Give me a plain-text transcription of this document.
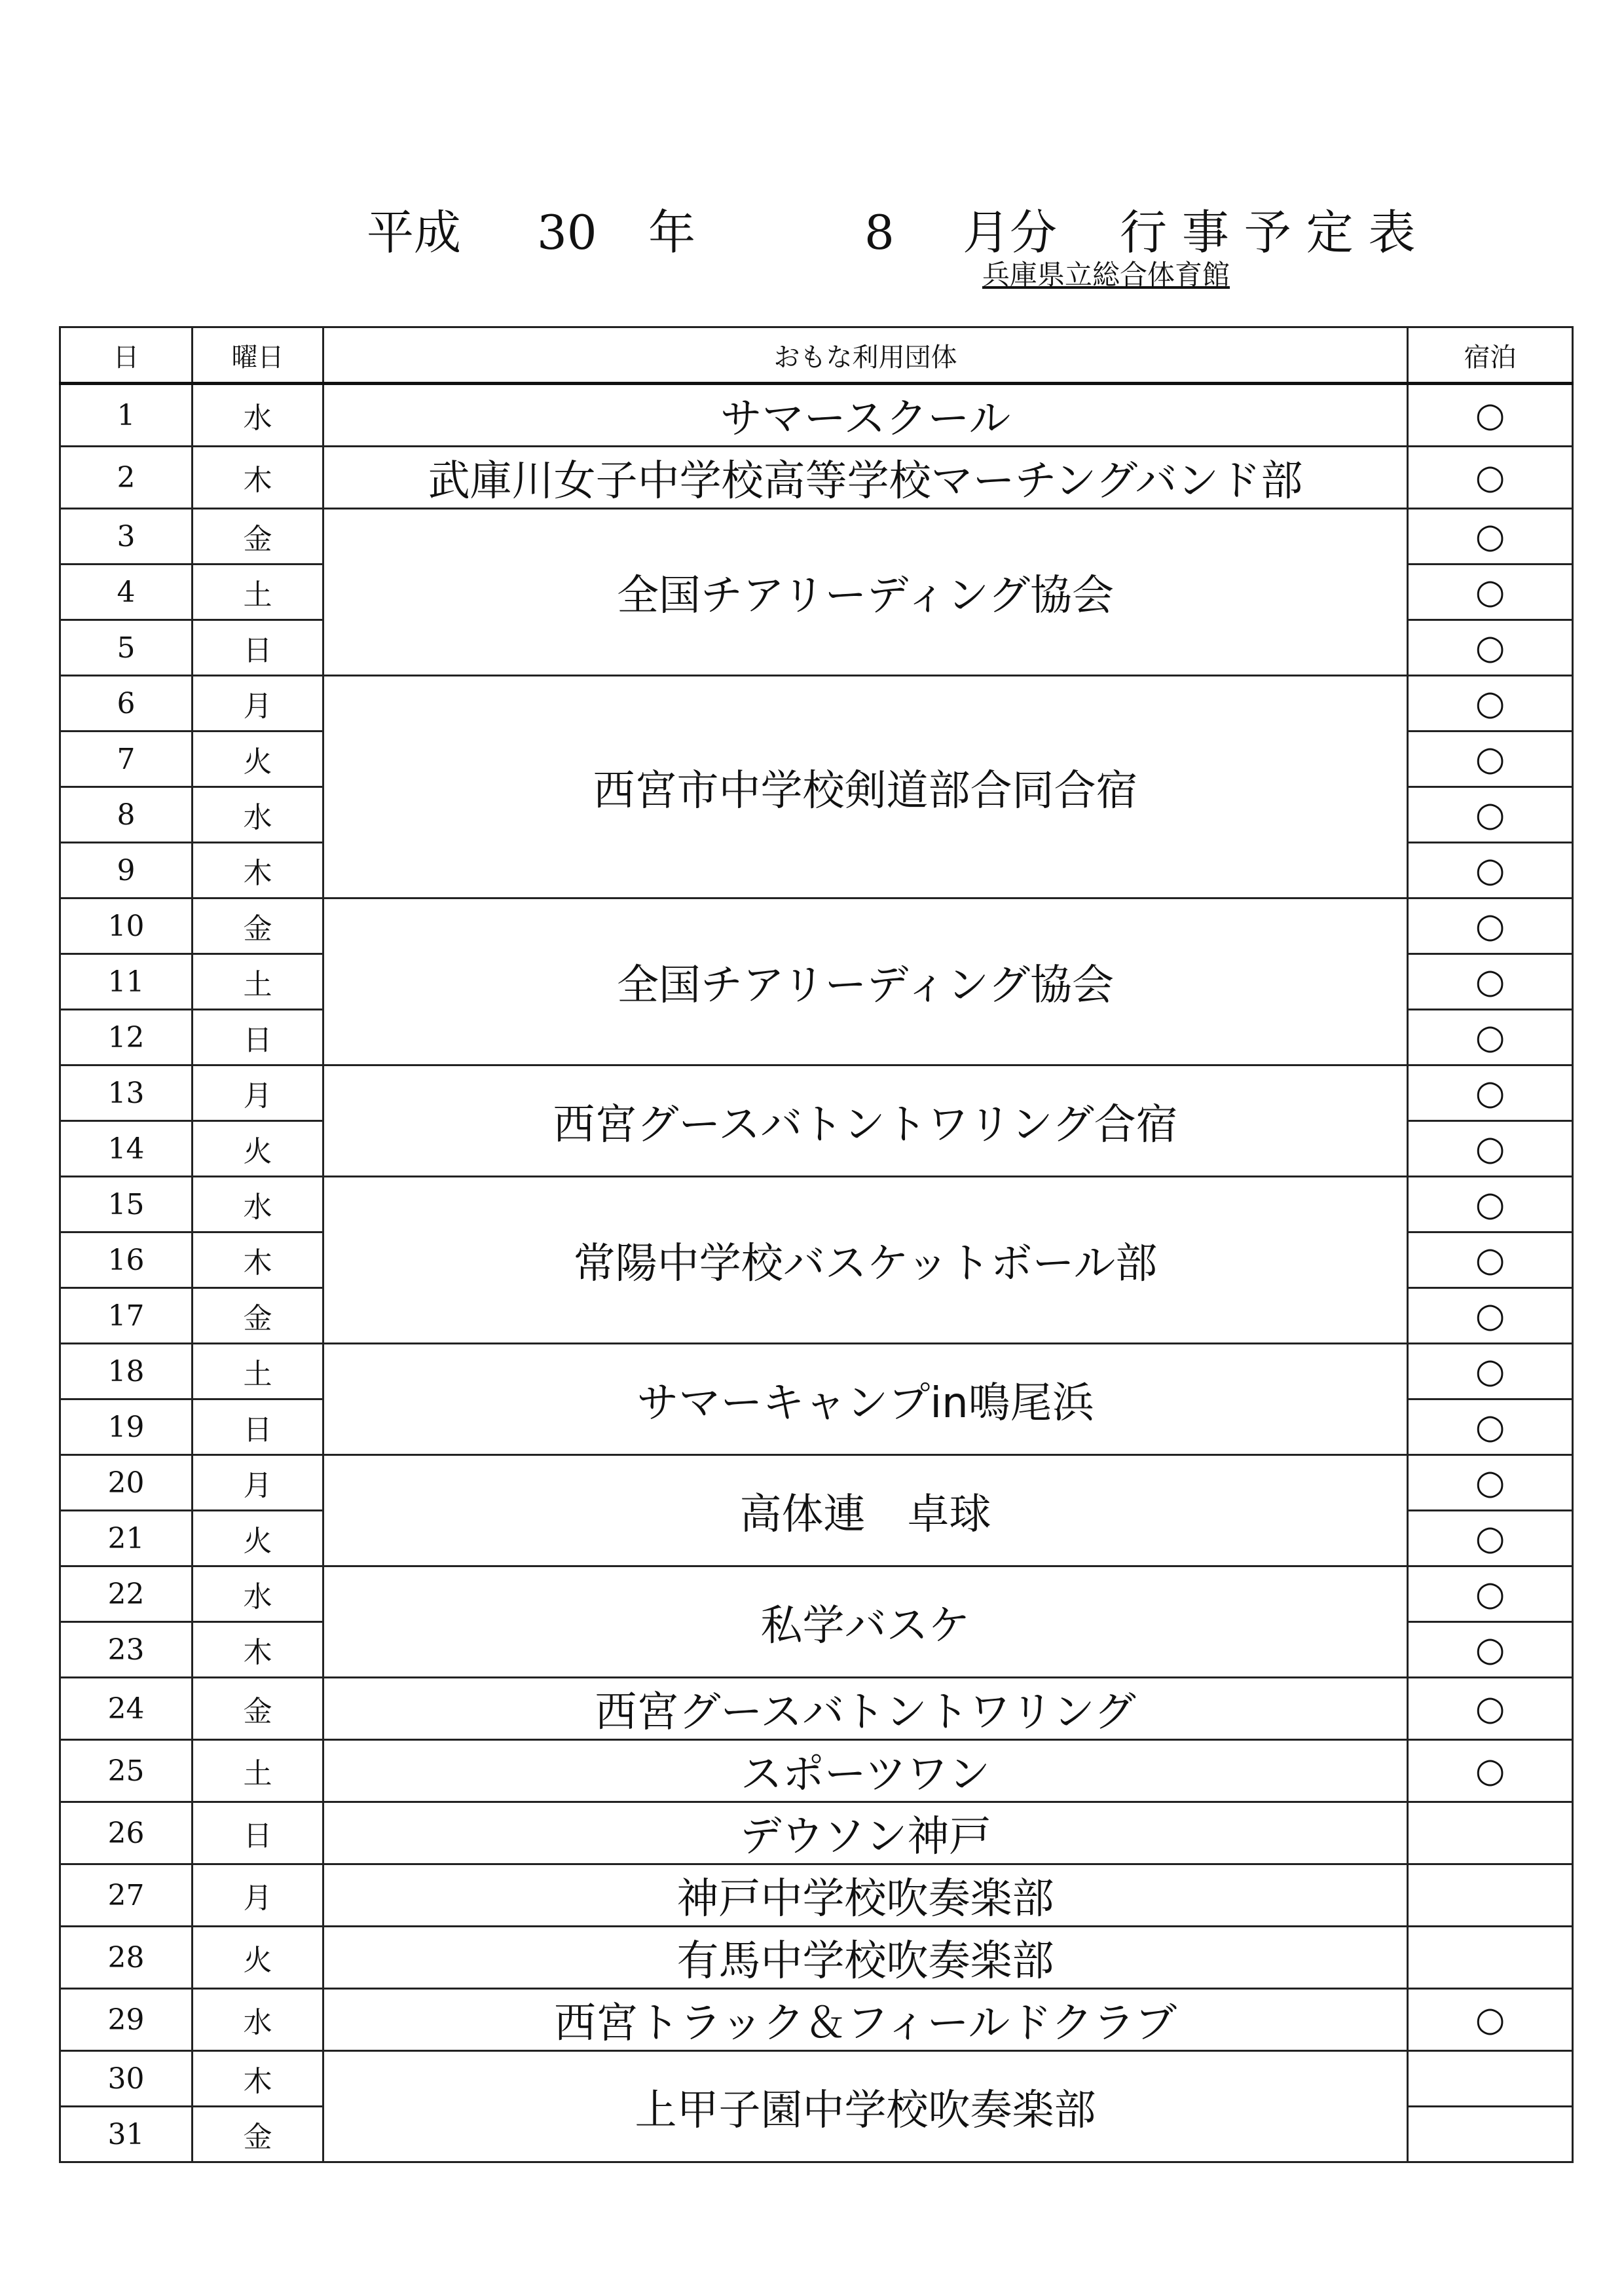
平成 30 年	8 月分 行 事 予 定 表
兵庫県立総合体育館
日	曜日	おもな利用団体	宿泊
1	水	サマースクール	○
2	木	武庫川女子中学校高等学校マーチングバンド部	○
3	金	全国チアリーディング協会	○
4	土		○
5	日		○
6	月	西宮市中学校剣道部合同合宿	○
7	火		○
8	水		○
9	木		○
10	金	全国チアリーディング協会	○
11	土		○
12	日		○
13	月	西宮グースバトントワリング合宿	○
14	火		○
15	水	常陽中学校バスケットボール部	○
16	木		○
17	金		○
18	土	サマーキャンプin鳴尾浜	○
19	日		○
20	月	高体連　卓球	○
21	火		○
22	水	私学バスケ	○
23	木		○
24	金	西宮グースバトントワリング	○
25	土	スポーツワン	○
26	日	デウソン神戸	
27	月	神戸中学校吹奏楽部	
28	火	有馬中学校吹奏楽部	
29	水	西宮トラック＆フィールドクラブ	○
30	木	上甲子園中学校吹奏楽部	
31	金		
